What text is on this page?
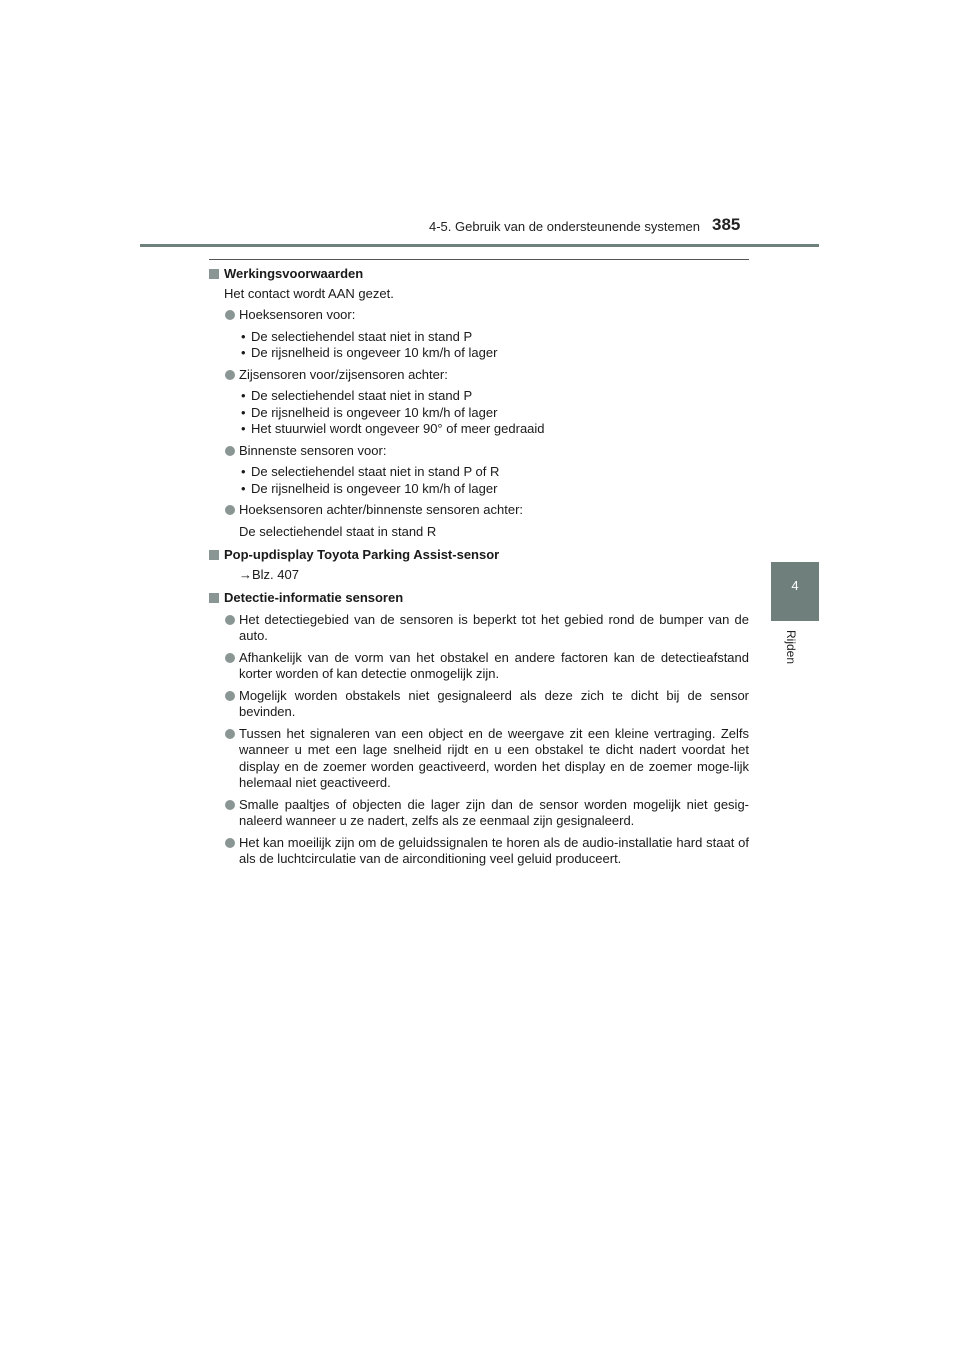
4-5. Gebruik van de ondersteunende systemen 385
4
Rijden
Werkingsvoorwaarden
Het contact wordt AAN gezet.
Hoeksensoren voor:
• De selectiehendel staat niet in stand P
• De rijsnelheid is ongeveer 10 km/h of lager
Zijsensoren voor/zijsensoren achter:
• De selectiehendel staat niet in stand P
• De rijsnelheid is ongeveer 10 km/h of lager
• Het stuurwiel wordt ongeveer 90° of meer gedraaid
Binnenste sensoren voor:
• De selectiehendel staat niet in stand P of R
• De rijsnelheid is ongeveer 10 km/h of lager
Hoeksensoren achter/binnenste sensoren achter:
De selectiehendel staat in stand R
Pop-updisplay Toyota Parking Assist-sensor
→Blz. 407
Detectie-informatie sensoren
Het detectiegebied van de sensoren is beperkt tot het gebied rond de bumper van de auto.
Afhankelijk van de vorm van het obstakel en andere factoren kan de detectieafstand korter worden of kan detectie onmogelijk zijn.
Mogelijk worden obstakels niet gesignaleerd als deze zich te dicht bij de sensor bevinden.
Tussen het signaleren van een object en de weergave zit een kleine vertraging. Zelfs wanneer u met een lage snelheid rijdt en u een obstakel te dicht nadert voordat het display en de zoemer worden geactiveerd, worden het display en de zoemer moge-lijk helemaal niet geactiveerd.
Smalle paaltjes of objecten die lager zijn dan de sensor worden mogelijk niet gesig-naleerd wanneer u ze nadert, zelfs als ze eenmaal zijn gesignaleerd.
Het kan moeilijk zijn om de geluidssignalen te horen als de audio-installatie hard staat of als de luchtcirculatie van de airconditioning veel geluid produceert.
